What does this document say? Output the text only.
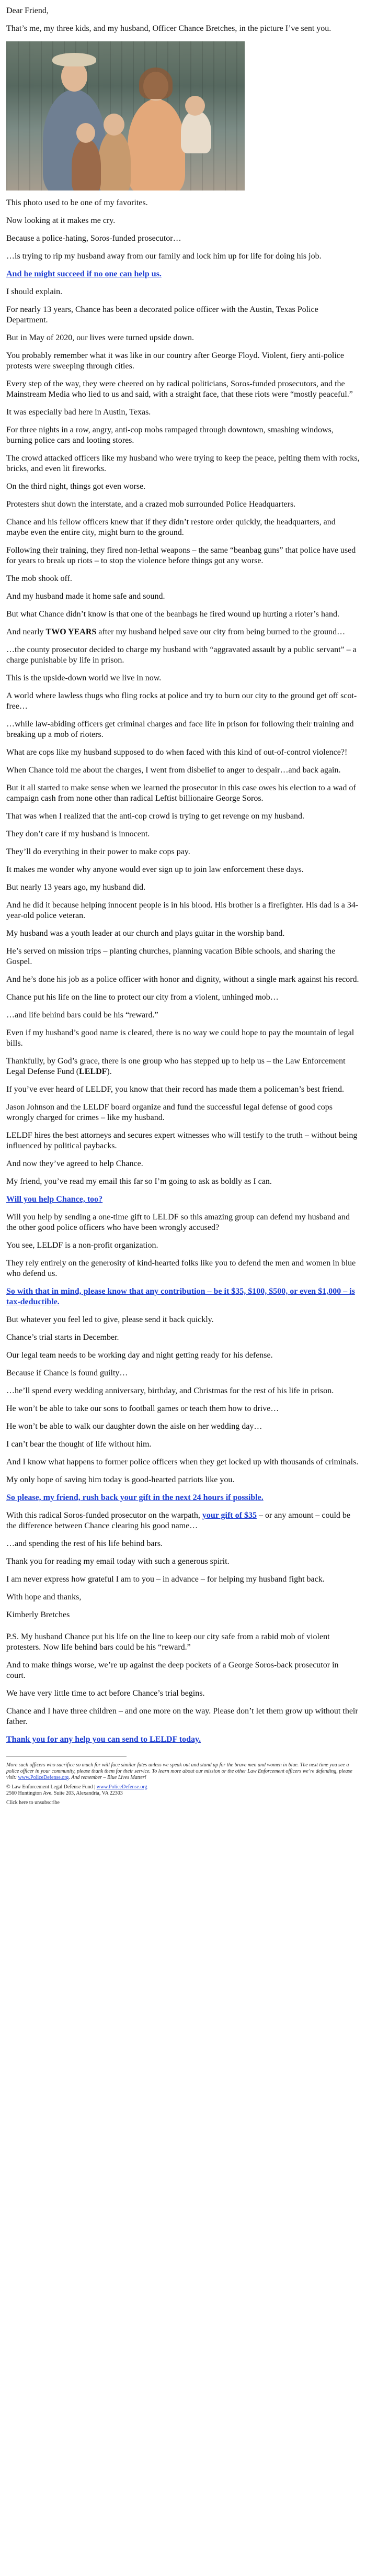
Dear Friend,

That’s me, my three kids, and my husband, Officer Chance Bretches, in the picture I’ve sent you.

This photo used to be one of my favorites.

Now looking at it makes me cry.

Because a police-hating, Soros-funded prosecutor…

…is trying to rip my husband away from our family and lock him up for life for doing his job.

And he might succeed if no one can help us.

I should explain.

For nearly 13 years, Chance has been a decorated police officer with the Austin, Texas Police Department.

But in May of 2020, our lives were turned upside down.

You probably remember what it was like in our country after George Floyd. Violent, fiery anti-police protests were sweeping through cities.

Every step of the way, they were cheered on by radical politicians, Soros-funded prosecutors, and the Mainstream Media who lied to us and said, with a straight face, that these riots were “mostly peaceful.”

It was especially bad here in Austin, Texas.

For three nights in a row, angry, anti-cop mobs rampaged through downtown, smashing windows, burning police cars and looting stores.

The crowd attacked officers like my husband who were trying to keep the peace, pelting them with rocks, bricks, and even lit fireworks.

On the third night, things got even worse.

Protesters shut down the interstate, and a crazed mob surrounded Police Headquarters.

Chance and his fellow officers knew that if they didn’t restore order quickly, the headquarters, and maybe even the entire city, might burn to the ground.

Following their training, they fired non-lethal weapons – the same “beanbag guns” that police have used for years to break up riots – to stop the violence before things got any worse.

The mob shook off.

And my husband made it home safe and sound.

But what Chance didn’t know is that one of the beanbags he fired wound up hurting a rioter’s hand.

And nearly TWO YEARS after my husband helped save our city from being burned to the ground…

…the county prosecutor decided to charge my husband with “aggravated assault by a public servant” – a charge punishable by life in prison.

This is the upside-down world we live in now.

A world where lawless thugs who fling rocks at police and try to burn our city to the ground get off scot-free…

…while law-abiding officers get criminal charges and face life in prison for following their training and breaking up a mob of rioters.

What are cops like my husband supposed to do when faced with this kind of out-of-control violence?!

When Chance told me about the charges, I went from disbelief to anger to despair…and back again.

But it all started to make sense when we learned the prosecutor in this case owes his election to a wad of campaign cash from none other than radical Leftist billionaire George Soros.

That was when I realized that the anti-cop crowd is trying to get revenge on my husband.

They don’t care if my husband is innocent.

They’ll do everything in their power to make cops pay.

It makes me wonder why anyone would ever sign up to join law enforcement these days.

But nearly 13 years ago, my husband did.

And he did it because helping innocent people is in his blood. His brother is a firefighter. His dad is a 34-year-old police veteran.

My husband was a youth leader at our church and plays guitar in the worship band.

He’s served on mission trips – planting churches, planning vacation Bible schools, and sharing the Gospel.

And he’s done his job as a police officer with honor and dignity, without a single mark against his record.

Chance put his life on the line to protect our city from a violent, unhinged mob…

…and life behind bars could be his “reward.”

Even if my husband’s good name is cleared, there is no way we could hope to pay the mountain of legal bills.

Thankfully, by God’s grace, there is one group who has stepped up to help us – the Law Enforcement Legal Defense Fund (LELDF).

If you’ve ever heard of LELDF, you know that their record has made them a policeman’s best friend.

Jason Johnson and the LELDF board organize and fund the successful legal defense of good cops wrongly charged for crimes – like my husband.

LELDF hires the best attorneys and secures expert witnesses who will testify to the truth – without being influenced by political paybacks.

And now they’ve agreed to help Chance.

My friend, you’ve read my email this far so I’m going to ask as boldly as I can.

Will you help Chance, too?

Will you help by sending a one-time gift to LELDF so this amazing group can defend my husband and the other good police officers who have been wrongly accused?

You see, LELDF is a non-profit organization.

They rely entirely on the generosity of kind-hearted folks like you to defend the men and women in blue who defend us.

So with that in mind, please know that any contribution – be it $35, $100, $500, or even $1,000 – is tax-deductible.

But whatever you feel led to give, please send it back quickly.

Chance’s trial starts in December.

Our legal team needs to be working day and night getting ready for his defense.

Because if Chance is found guilty…

…he’ll spend every wedding anniversary, birthday, and Christmas for the rest of his life in prison.

He won’t be able to take our sons to football games or teach them how to drive…

He won’t be able to walk our daughter down the aisle on her wedding day…

I can’t bear the thought of life without him.

And I know what happens to former police officers when they get locked up with thousands of criminals.

My only hope of saving him today is good-hearted patriots like you.

So please, my friend, rush back your gift in the next 24 hours if possible.

With this radical Soros-funded prosecutor on the warpath, your gift of $35 – or any amount – could be the difference between Chance clearing his good name…

…and spending the rest of his life behind bars.

Thank you for reading my email today with such a generous spirit.

I am never express how grateful I am to you – in advance – for helping my husband fight back.

With hope and thanks,

Kimberly Bretches

P.S. My husband Chance put his life on the line to keep our city safe from a rabid mob of violent protesters. Now life behind bars could be his “reward.”

And to make things worse, we’re up against the deep pockets of a George Soros-back prosecutor in court.

We have very little time to act before Chance’s trial begins.

Chance and I have three children – and one more on the way. Please don’t let them grow up without their father.

Thank you for any help you can send to LELDF today.

More such officers who sacrifice so much for will face similar fates unless we speak out and stand up for the brave men and women in blue. The next time you see a police officer in your community, please thank them for their service. To learn more about our mission or the other Law Enforcement officers we’re defending, please visit: www.PoliceDefense.org. And remember – Blue Lives Matter!

© Law Enforcement Legal Defense Fund | www.PoliceDefense.org

2560 Huntington Ave. Suite 203, Alexandria, VA 22303

Click here to unsubscribe
